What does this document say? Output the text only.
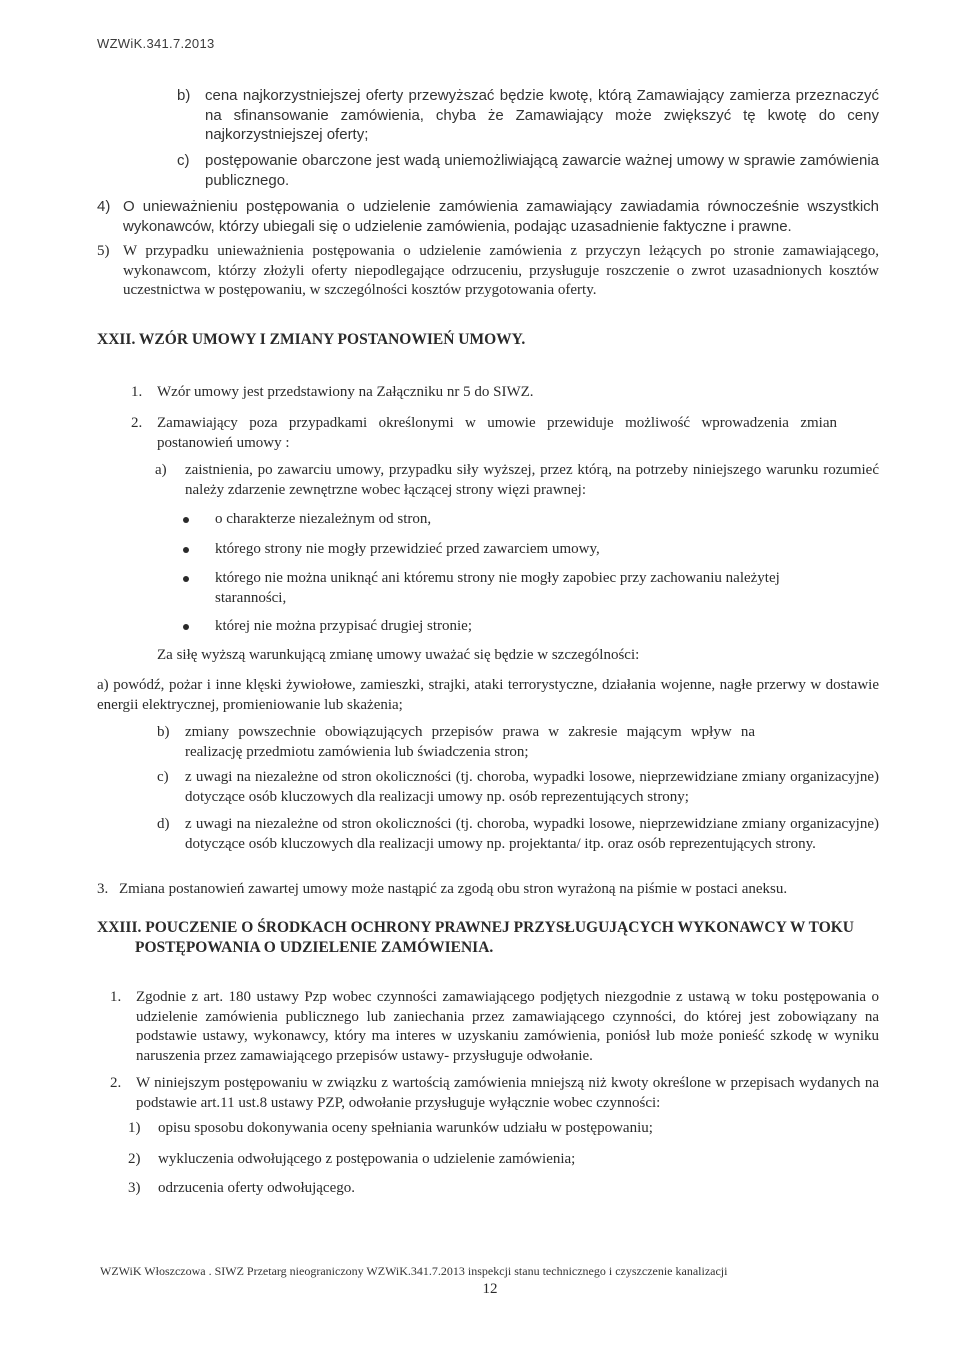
WZWiK.341.7.2013
b) cena najkorzystniejszej oferty przewyższać będzie kwotę, którą Zamawiający zamierza przeznaczyć na sfinansowanie zamówienia, chyba że Zamawiający może zwiększyć tę kwotę do ceny najkorzystniejszej oferty;
c) postępowanie obarczone jest wadą uniemożliwiającą zawarcie ważnej umowy w sprawie zamówienia publicznego.
4) O unieważnieniu postępowania o udzielenie zamówienia zamawiający zawiadamia równocześnie wszystkich wykonawców, którzy ubiegali się o udzielenie zamówienia, podając uzasadnienie faktyczne i prawne.
5) W przypadku unieważnienia postępowania o udzielenie zamówienia z przyczyn leżących po stronie zamawiającego, wykonawcom, którzy złożyli oferty niepodlegające odrzuceniu, przysługuje roszczenie o zwrot uzasadnionych kosztów uczestnictwa w postępowaniu, w szczególności kosztów przygotowania oferty.
XXII. WZÓR UMOWY I ZMIANY POSTANOWIEŃ UMOWY.
1. Wzór umowy jest przedstawiony na Załączniku nr 5 do SIWZ.
2. Zamawiający poza przypadkami określonymi w umowie przewiduje możliwość wprowadzenia zmian postanowień umowy :
a) zaistnienia, po zawarciu umowy, przypadku siły wyższej, przez którą, na potrzeby niniejszego warunku rozumieć należy zdarzenie zewnętrzne wobec łączącej strony więzi prawnej:
o charakterze niezależnym od stron,
którego strony nie mogły przewidzieć przed zawarciem umowy,
którego nie można uniknąć ani któremu strony nie mogły zapobiec przy zachowaniu należytej staranności,
której nie można przypisać drugiej stronie;
Za siłę wyższą warunkującą zmianę umowy uważać się będzie w szczególności:
a) powódź, pożar i inne klęski żywiołowe, zamieszki, strajki, ataki terrorystyczne, działania wojenne, nagłe przerwy w dostawie energii elektrycznej, promieniowanie lub skażenia;
b) zmiany powszechnie obowiązujących przepisów prawa w zakresie mającym wpływ na realizację przedmiotu zamówienia lub świadczenia stron;
c) z uwagi na niezależne od stron okoliczności (tj. choroba, wypadki losowe, nieprzewidziane zmiany organizacyjne) dotyczące osób kluczowych dla realizacji umowy np. osób reprezentujących strony;
d) z uwagi na niezależne od stron okoliczności (tj. choroba, wypadki losowe, nieprzewidziane zmiany organizacyjne) dotyczące osób kluczowych dla realizacji umowy np. projektanta/ itp. oraz osób reprezentujących strony.
3. Zmiana postanowień zawartej umowy może nastąpić za zgodą obu stron wyrażoną na piśmie w postaci aneksu.
XXIII. POUCZENIE O ŚRODKACH OCHRONY PRAWNEJ PRZYSŁUGUJĄCYCH WYKONAWCY W TOKU
POSTĘPOWANIA O UDZIELENIE ZAMÓWIENIA.
1. Zgodnie z art. 180 ustawy Pzp wobec czynności zamawiającego podjętych niezgodnie z ustawą w toku postępowania o udzielenie zamówienia publicznego lub zaniechania przez zamawiającego czynności, do której jest zobowiązany na podstawie ustawy, wykonawcy, który ma interes w uzyskaniu zamówienia, poniósł lub może ponieść szkodę w wyniku naruszenia przez zamawiającego przepisów ustawy- przysługuje odwołanie.
2. W niniejszym postępowaniu w związku z wartością zamówienia mniejszą niż kwoty określone w przepisach wydanych na podstawie art.11 ust.8 ustawy PZP, odwołanie przysługuje wyłącznie wobec czynności:
1) opisu sposobu dokonywania oceny spełniania warunków udziału w postępowaniu;
2) wykluczenia odwołującego z postępowania o udzielenie zamówienia;
3) odrzucenia oferty odwołującego.
WZWiK Włoszczowa . SIWZ Przetarg nieograniczony WZWiK.341.7.2013 inspekcji stanu technicznego i czyszczenie kanalizacji
12
